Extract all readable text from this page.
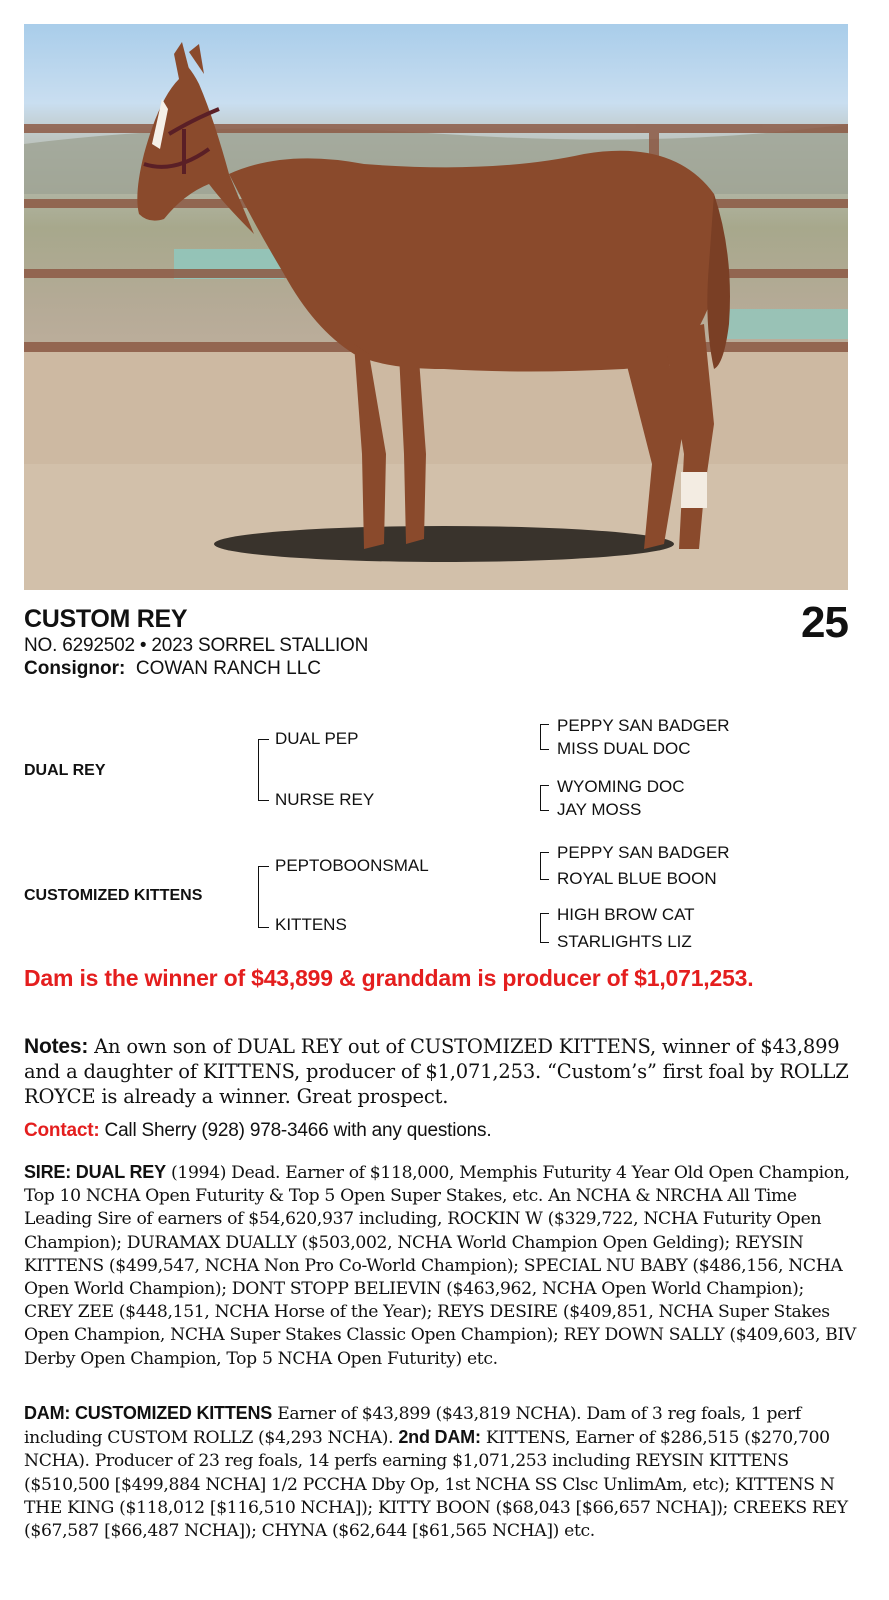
CUSTOM REY	25
NO. 6292502 • 2023 SORREL STALLION
Consignor: COWAN RANCH LLC
DUAL REY
CUSTOMIZED KITTENS
DUAL PEP
NURSE REY
PEPTOBOONSMAL
KITTENS
PEPPY SAN BADGER
MISS DUAL DOC
WYOMING DOC
JAY MOSS
PEPPY SAN BADGER
ROYAL BLUE BOON
HIGH BROW CAT
STARLIGHTS LIZ
Dam is the winner of $43,899 & granddam is producer of $1,071,253.
Notes: An own son of DUAL REY out of CUSTOMIZED KITTENS, winner of $43,899 and a daughter of KITTENS, producer of $1,071,253. “Custom’s” first foal by ROLLZ ROYCE is already a winner. Great prospect.
Contact: Call Sherry (928) 978-3466 with any questions.
SIRE: DUAL REY (1994) Dead. Earner of $118,000, Memphis Futurity 4 Year Old Open Champion, Top 10 NCHA Open Futurity & Top 5 Open Super Stakes, etc. An NCHA & NRCHA All Time Leading Sire of earners of $54,620,937 including, ROCKIN W ($329,722, NCHA Futurity Open Champion); DURAMAX DUALLY ($503,002, NCHA World Champion Open Gelding); REYSIN KITTENS ($499,547, NCHA Non Pro Co-World Champion); SPECIAL NU BABY ($486,156, NCHA Open World Champion); DONT STOPP BELIEVIN ($463,962, NCHA Open World Champion); CREY ZEE ($448,151, NCHA Horse of the Year); REYS DESIRE ($409,851, NCHA Super Stakes Open Champion, NCHA Super Stakes Classic Open Champion); REY DOWN SALLY ($409,603, BIV Derby Open Champion, Top 5 NCHA Open Futurity) etc.
DAM: CUSTOMIZED KITTENS Earner of $43,899 ($43,819 NCHA). Dam of 3 reg foals, 1 perf including CUSTOM ROLLZ ($4,293 NCHA). 2nd DAM: KITTENS, Earner of $286,515 ($270,700 NCHA). Producer of 23 reg foals, 14 perfs earning $1,071,253 including REYSIN KITTENS ($510,500 [$499,884 NCHA] 1/2 PCCHA Dby Op, 1st NCHA SS Clsc UnlimAm, etc); KITTENS N THE KING ($118,012 [$116,510 NCHA]); KITTY BOON ($68,043 [$66,657 NCHA]); CREEKS REY ($67,587 [$66,487 NCHA]); CHYNA ($62,644 [$61,565 NCHA]) etc.
